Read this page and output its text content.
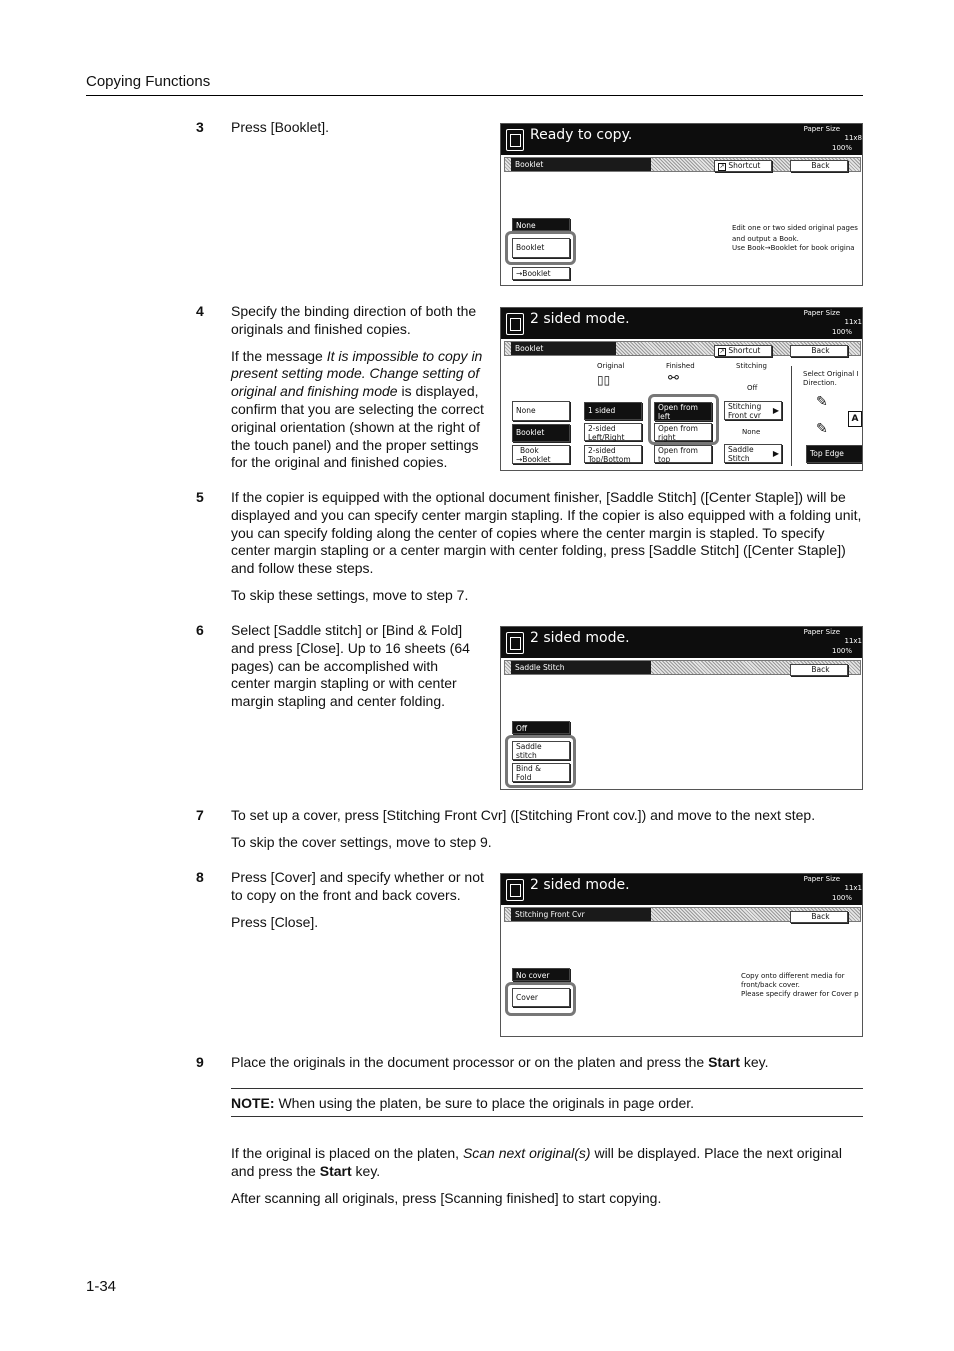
Copying Functions
3 Press [Booklet].	Ready to copy.	Paper Size
11x8
100%
Booklet	↗ Shortcut	Back
None
Booklet
→Booklet
Edit one or two sided original pages
and output a Book.
Use Book→Booklet for book origina
4 Specify the binding direction of both the originals and finished copies.

If the message It is impossible to copy in present setting mode. Change setting of original and finishing mode is displayed, confirm that you are selecting the correct original orientation (shown at the right of the touch panel) and the proper settings for the original and finished copies.

2 sided mode.	Paper Size
11x1
100%
Booklet	↗ Shortcut	Back
Original	Finished	Stitching
▯▯	⚯
Off
None
Booklet
Book
→Booklet
1 sided
2-sided
Left/Right
2-sided
Top/Bottom
Open from
left
Open from
right
Open from
top
Stitching
Front cvr
▶
None
Saddle
Stitch
▶
Select Original I
Direction.
✎
A
✎
Top Edge
5 If the copier is equipped with the optional document finisher, [Saddle Stitch] ([Center Staple]) will be displayed and you can specify center margin stapling. If the copier is also equipped with a folding unit, you can specify folding along the center of copies where the center margin is stapled. To specify center margin stapling or a center margin with center folding, press [Saddle Stitch] ([Center Staple]) and follow these steps.

To skip these settings, move to step 7.

6 Select [Saddle stitch] or [Bind & Fold] and press [Close]. Up to 16 sheets (64 pages) can be accomplished with center margin stapling or with center margin stapling and center folding.
2 sided mode.	Paper Size
11x1
100%
Saddle Stitch	Back
Off
Saddle
stitch
Bind &
Fold
7 To set up a cover, press [Stitching Front Cvr] ([Stitching Front cov.]) and move to the next step.

To skip the cover settings, move to step 9.

8 Press [Cover] and specify whether or not to copy on the front and back covers.

Press [Close].

2 sided mode.	Paper Size
11x1
100%
Stitching Front Cvr	Back
No cover
Cover
Copy onto different media for
front/back cover.
Please specify drawer for Cover p
9 Place the originals in the document processor or on the platen and press the Start key.
NOTE: When using the platen, be sure to place the originals in page order.

If the original is placed on the platen, Scan next original(s) will be displayed. Place the next original and press the Start key.

After scanning all originals, press [Scanning finished] to start copying.

1-34
